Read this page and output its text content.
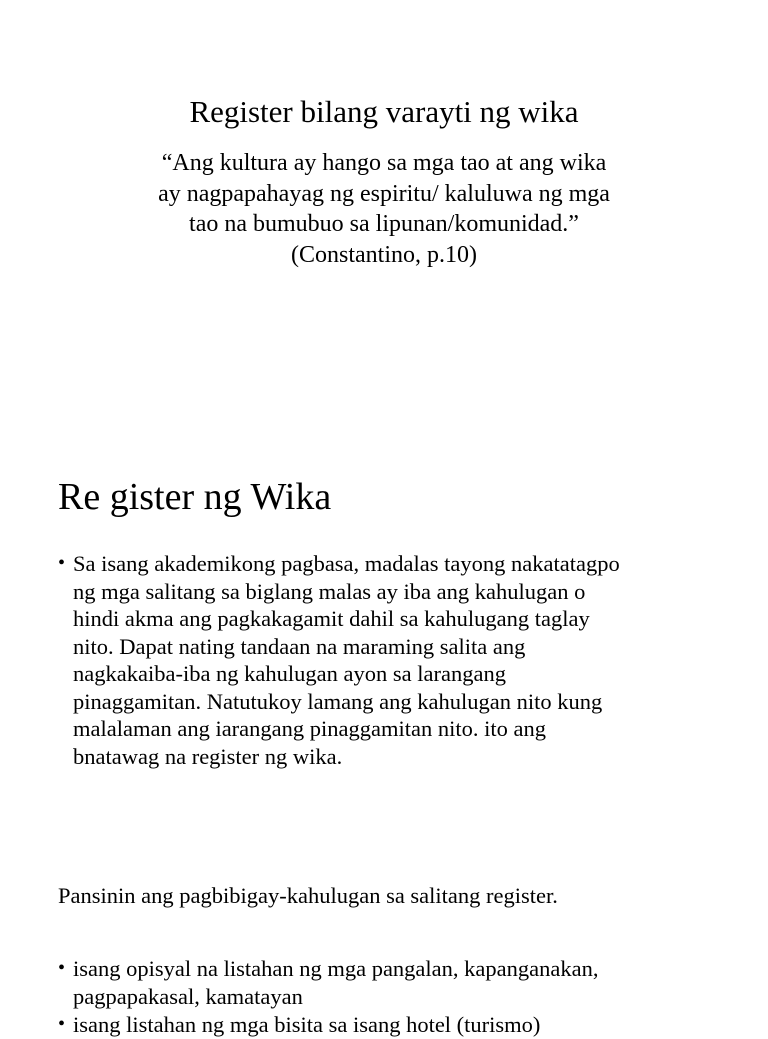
Register bilang varayti ng wika
“Ang kultura ay hango sa mga tao at ang wika
ay nagpapahayag ng espiritu/ kaluluwa ng mga
tao na bumubuo sa lipunan/komunidad.”
(Constantino, p.10)
Re gister ng Wika
• Sa isang akademikong pagbasa, madalas tayong nakatatagpo
ng mga salitang sa biglang malas ay iba ang kahulugan o
hindi akma ang pagkakagamit dahil sa kahulugang taglay
nito. Dapat nating tandaan na maraming salita ang
nagkakaiba-iba ng kahulugan ayon sa larangang
pinaggamitan. Natutukoy lamang ang kahulugan nito kung
malalaman ang iarangang pinaggamitan nito. ito ang
bnatawag na register ng wika.
Pansinin ang pagbibigay-kahulugan sa salitang register.
• isang opisyal na listahan ng mga pangalan, kapanganakan,
pagpapakasal, kamatayan
• isang listahan ng mga bisita sa isang hotel (turismo)
